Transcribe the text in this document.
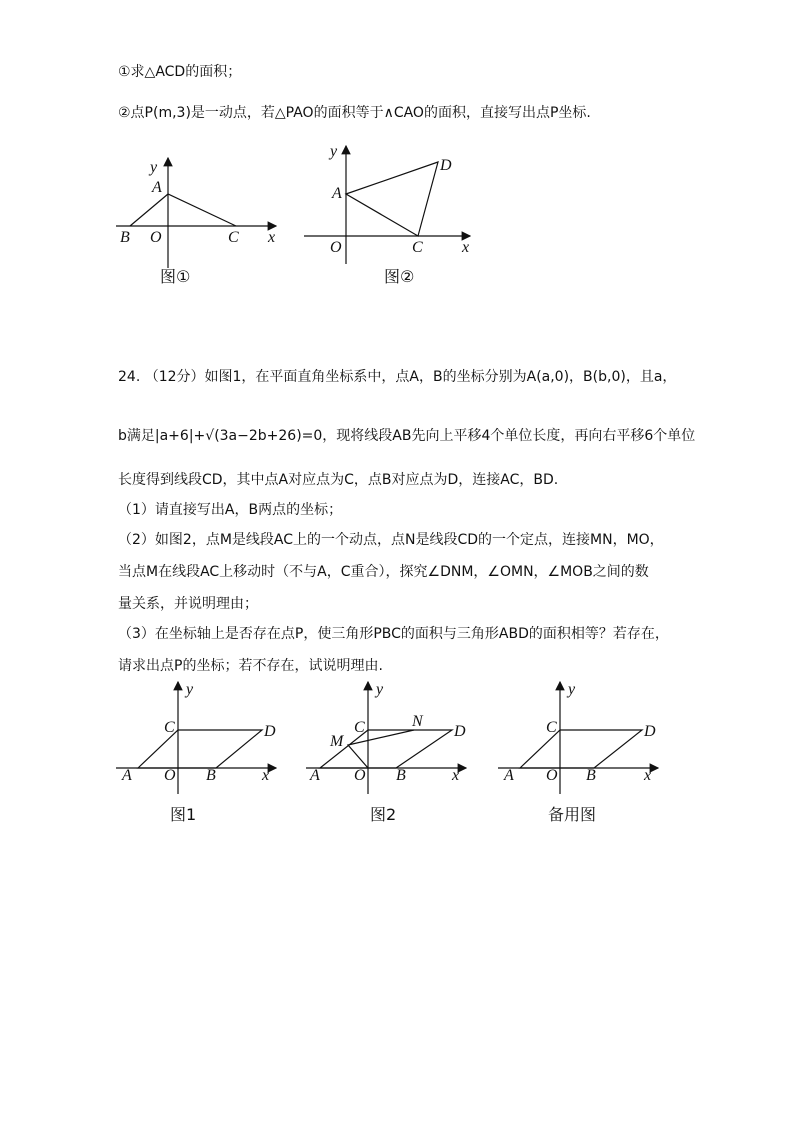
①求△ACD的面积；
②点P(m,3)是一动点，若△PAO的面积等于∧CAO的面积，直接写出点P坐标.
y
x
A
B O	C
图①
y
x
A
D
O	C
图②
24. （12分）如图1，在平面直角坐标系中，点A，B的坐标分别为A(a,0)，B(b,0)，且a，
b满足|a+6|+√(3a−2b+26)=0，现将线段AB先向上平移4个单位长度，再向右平移6个单位
长度得到线段CD，其中点A对应点为C，点B对应点为D，连接AC，BD.
（1）请直接写出A，B两点的坐标；
（2）如图2，点M是线段AC上的一个动点，点N是线段CD的一个定点，连接MN，MO，
当点M在线段AC上移动时（不与A，C重合），探究∠DNM，∠OMN，∠MOB之间的数
量关系，并说明理由；
（3）在坐标轴上是否存在点P，使三角形PBC的面积与三角形ABD的面积相等？若存在，
请求出点P的坐标；若不存在，试说明理由.
y
x
C	D
A O B
图1
y
x
C	D
N
M
A O B
图2
y
x
C	D
A O B
备用图
